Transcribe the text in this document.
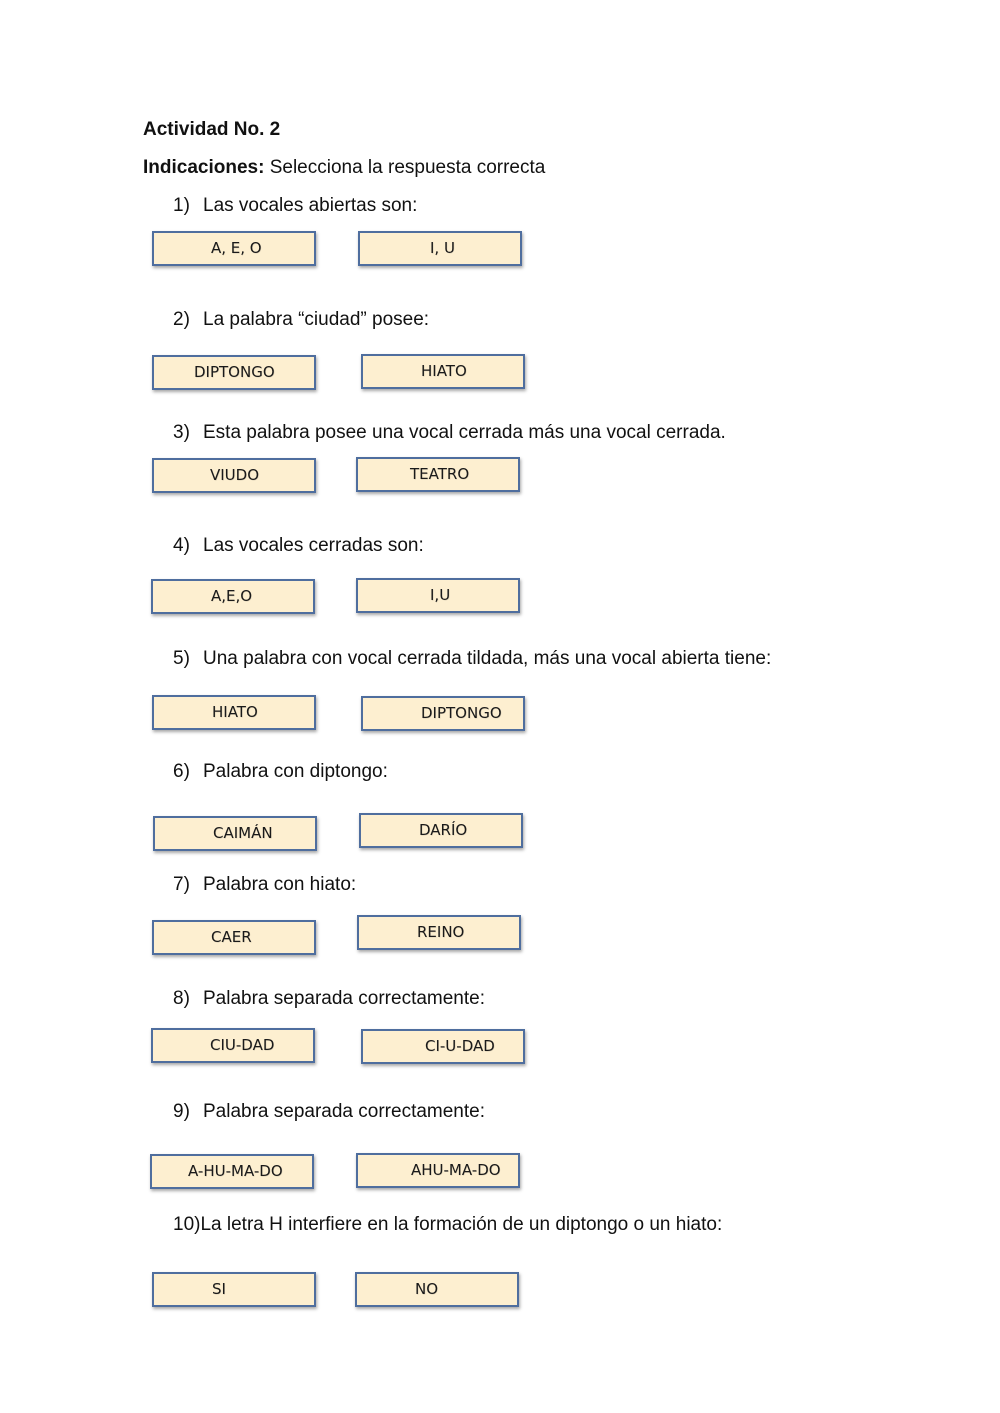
Actividad No. 2
Indicaciones: Selecciona la respuesta correcta
1) Las vocales abiertas son:
A, E, O	I, U
2) La palabra “ciudad” posee:
DIPTONGO	HIATO
3) Esta palabra posee una vocal cerrada más una vocal cerrada.
VIUDO	TEATRO
4) Las vocales cerradas son:
A,E,O	I,U
5) Una palabra con vocal cerrada tildada, más una vocal abierta tiene:
HIATO	DIPTONGO
6) Palabra con diptongo:
CAIMÁN	DARÍO
7) Palabra con hiato:
CAER	REINO
8) Palabra separada correctamente:
CIU-DAD	CI-U-DAD
9) Palabra separada correctamente:
A-HU-MA-DO	AHU-MA-DO
10)La letra H interfiere en la formación de un diptongo o un hiato:
SI	NO
